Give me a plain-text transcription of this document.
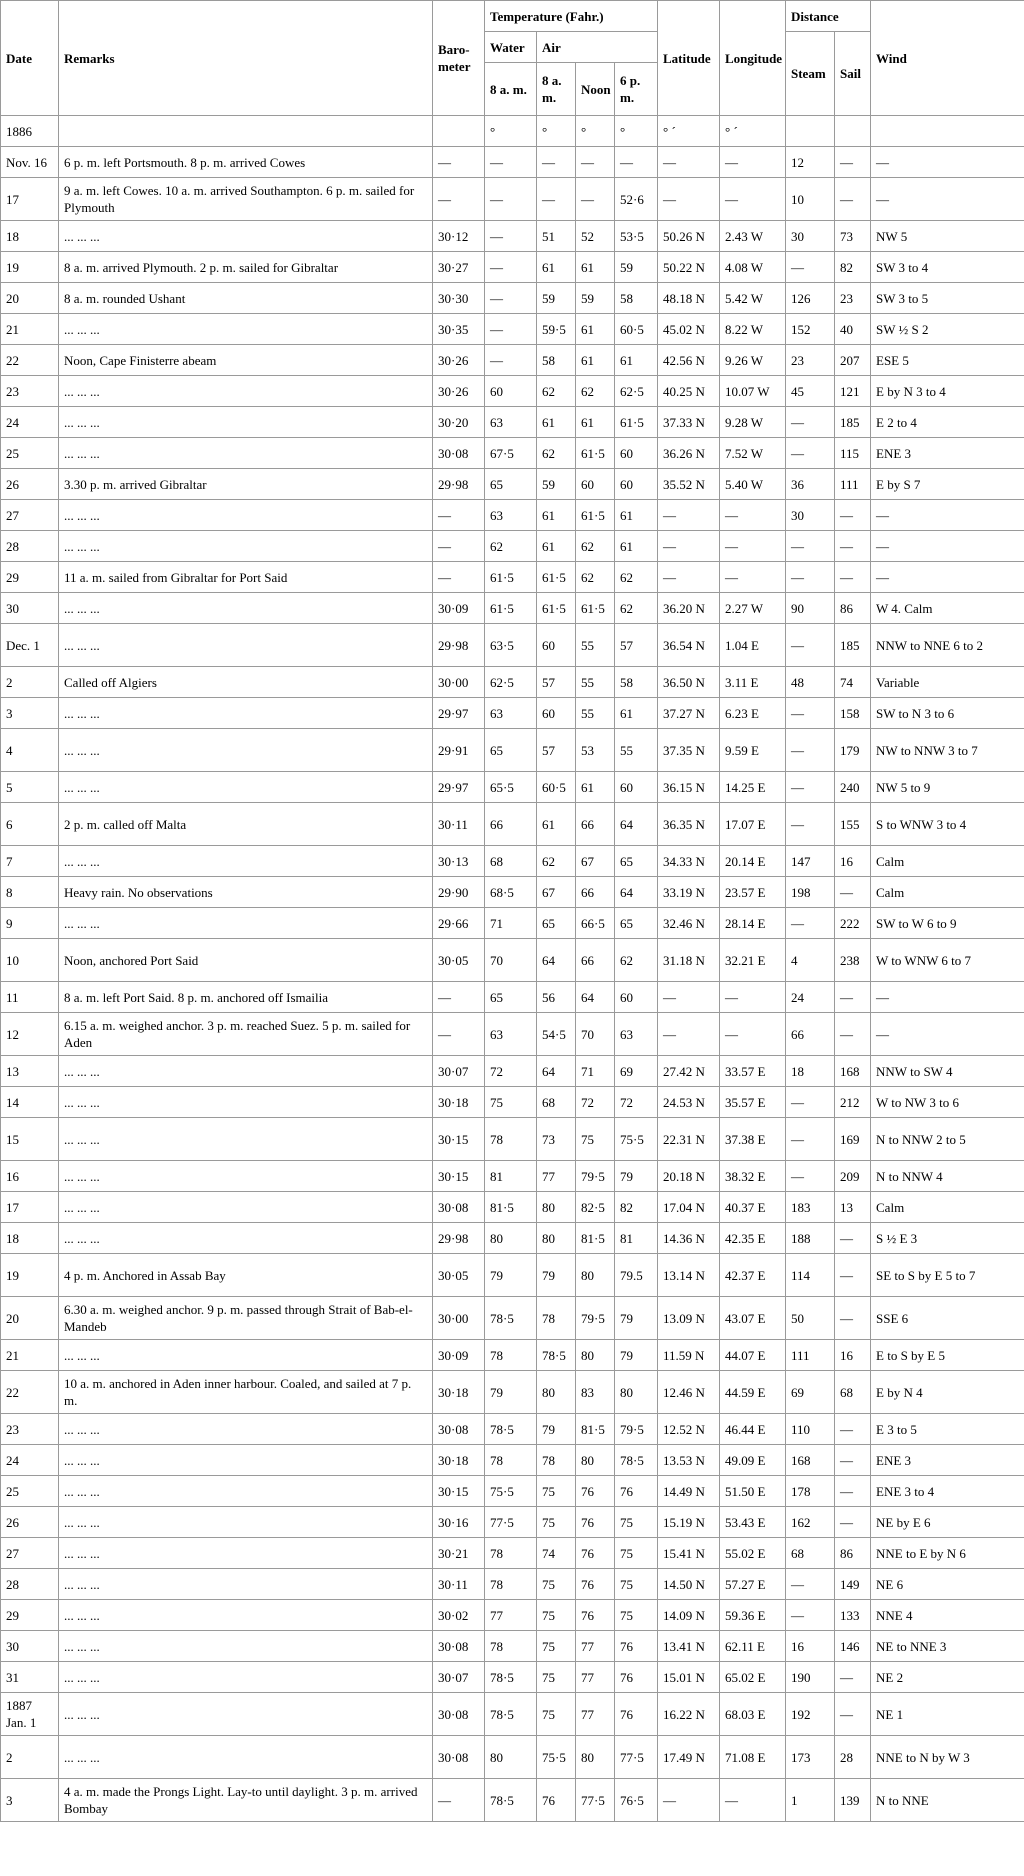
Date	Remarks	Baro-meter	Temperature (Fahr.)				Latitude	Longitude	Distance		Wind
			Water	Air					Steam	Sail	
			8 a. m.	8 a. m.	Noon	6 p. m.					
1886			°	°	°	°	° ´	° ´			
Nov. 16	6 p. m. left Portsmouth. 8 p. m. arrived Cowes	—	—	—	—	—	—	—	12	—	—
17	9 a. m. left Cowes. 10 a. m. arrived Southampton. 6 p. m. sailed for Plymouth	—	—	—	—	52·6	—	—	10	—	—
18	... ... ...	30·12	—	51	52	53·5	50.26 N	2.43 W	30	73	NW 5
19	8 a. m. arrived Plymouth. 2 p. m. sailed for Gibraltar	30·27	—	61	61	59	50.22 N	4.08 W	—	82	SW 3 to 4
20	8 a. m. rounded Ushant	30·30	—	59	59	58	48.18 N	5.42 W	126	23	SW 3 to 5
21	... ... ...	30·35	—	59·5	61	60·5	45.02 N	8.22 W	152	40	SW ½ S 2
22	Noon, Cape Finisterre abeam	30·26	—	58	61	61	42.56 N	9.26 W	23	207	ESE 5
23	... ... ...	30·26	60	62	62	62·5	40.25 N	10.07 W	45	121	E by N 3 to 4
24	... ... ...	30·20	63	61	61	61·5	37.33 N	9.28 W	—	185	E 2 to 4
25	... ... ...	30·08	67·5	62	61·5	60	36.26 N	7.52 W	—	115	ENE 3
26	3.30 p. m. arrived Gibraltar	29·98	65	59	60	60	35.52 N	5.40 W	36	111	E by S 7
27	... ... ...	—	63	61	61·5	61	—	—	30	—	—
28	... ... ...	—	62	61	62	61	—	—	—	—	—
29	11 a. m. sailed from Gibraltar for Port Said	—	61·5	61·5	62	62	—	—	—	—	—
30	... ... ...	30·09	61·5	61·5	61·5	62	36.20 N	2.27 W	90	86	W 4. Calm
Dec. 1	... ... ...	29·98	63·5	60	55	57	36.54 N	1.04 E	—	185	NNW to NNE 6 to 2
2	Called off Algiers	30·00	62·5	57	55	58	36.50 N	3.11 E	48	74	Variable
3	... ... ...	29·97	63	60	55	61	37.27 N	6.23 E	—	158	SW to N 3 to 6
4	... ... ...	29·91	65	57	53	55	37.35 N	9.59 E	—	179	NW to NNW 3 to 7
5	... ... ...	29·97	65·5	60·5	61	60	36.15 N	14.25 E	—	240	NW 5 to 9
6	2 p. m. called off Malta	30·11	66	61	66	64	36.35 N	17.07 E	—	155	S to WNW 3 to 4
7	... ... ...	30·13	68	62	67	65	34.33 N	20.14 E	147	16	Calm
8	Heavy rain. No observations	29·90	68·5	67	66	64	33.19 N	23.57 E	198	—	Calm
9	... ... ...	29·66	71	65	66·5	65	32.46 N	28.14 E	—	222	SW to W 6 to 9
10	Noon, anchored Port Said	30·05	70	64	66	62	31.18 N	32.21 E	4	238	W to WNW 6 to 7
11	8 a. m. left Port Said. 8 p. m. anchored off Ismailia	—	65	56	64	60	—	—	24	—	—
12	6.15 a. m. weighed anchor. 3 p. m. reached Suez. 5 p. m. sailed for Aden	—	63	54·5	70	63	—	—	66	—	—
13	... ... ...	30·07	72	64	71	69	27.42 N	33.57 E	18	168	NNW to SW 4
14	... ... ...	30·18	75	68	72	72	24.53 N	35.57 E	—	212	W to NW 3 to 6
15	... ... ...	30·15	78	73	75	75·5	22.31 N	37.38 E	—	169	N to NNW 2 to 5
16	... ... ...	30·15	81	77	79·5	79	20.18 N	38.32 E	—	209	N to NNW 4
17	... ... ...	30·08	81·5	80	82·5	82	17.04 N	40.37 E	183	13	Calm
18	... ... ...	29·98	80	80	81·5	81	14.36 N	42.35 E	188	—	S ½ E 3
19	4 p. m. Anchored in Assab Bay	30·05	79	79	80	79.5	13.14 N	42.37 E	114	—	SE to S by E 5 to 7
20	6.30 a. m. weighed anchor. 9 p. m. passed through Strait of Bab-el-Mandeb	30·00	78·5	78	79·5	79	13.09 N	43.07 E	50	—	SSE 6
21	... ... ...	30·09	78	78·5	80	79	11.59 N	44.07 E	111	16	E to S by E 5
22	10 a. m. anchored in Aden inner harbour. Coaled, and sailed at 7 p. m.	30·18	79	80	83	80	12.46 N	44.59 E	69	68	E by N 4
23	... ... ...	30·08	78·5	79	81·5	79·5	12.52 N	46.44 E	110	—	E 3 to 5
24	... ... ...	30·18	78	78	80	78·5	13.53 N	49.09 E	168	—	ENE 3
25	... ... ...	30·15	75·5	75	76	76	14.49 N	51.50 E	178	—	ENE 3 to 4
26	... ... ...	30·16	77·5	75	76	75	15.19 N	53.43 E	162	—	NE by E 6
27	... ... ...	30·21	78	74	76	75	15.41 N	55.02 E	68	86	NNE to E by N 6
28	... ... ...	30·11	78	75	76	75	14.50 N	57.27 E	—	149	NE 6
29	... ... ...	30·02	77	75	76	75	14.09 N	59.36 E	—	133	NNE 4
30	... ... ...	30·08	78	75	77	76	13.41 N	62.11 E	16	146	NE to NNE 3
31	... ... ...	30·07	78·5	75	77	76	15.01 N	65.02 E	190	—	NE 2
1887 Jan. 1	... ... ...	30·08	78·5	75	77	76	16.22 N	68.03 E	192	—	NE 1
2	... ... ...	30·08	80	75·5	80	77·5	17.49 N	71.08 E	173	28	NNE to N by W 3
3	4 a. m. made the Prongs Light. Lay-to until daylight. 3 p. m. arrived Bombay	—	78·5	76	77·5	76·5	—	—	1	139	N to NNE
